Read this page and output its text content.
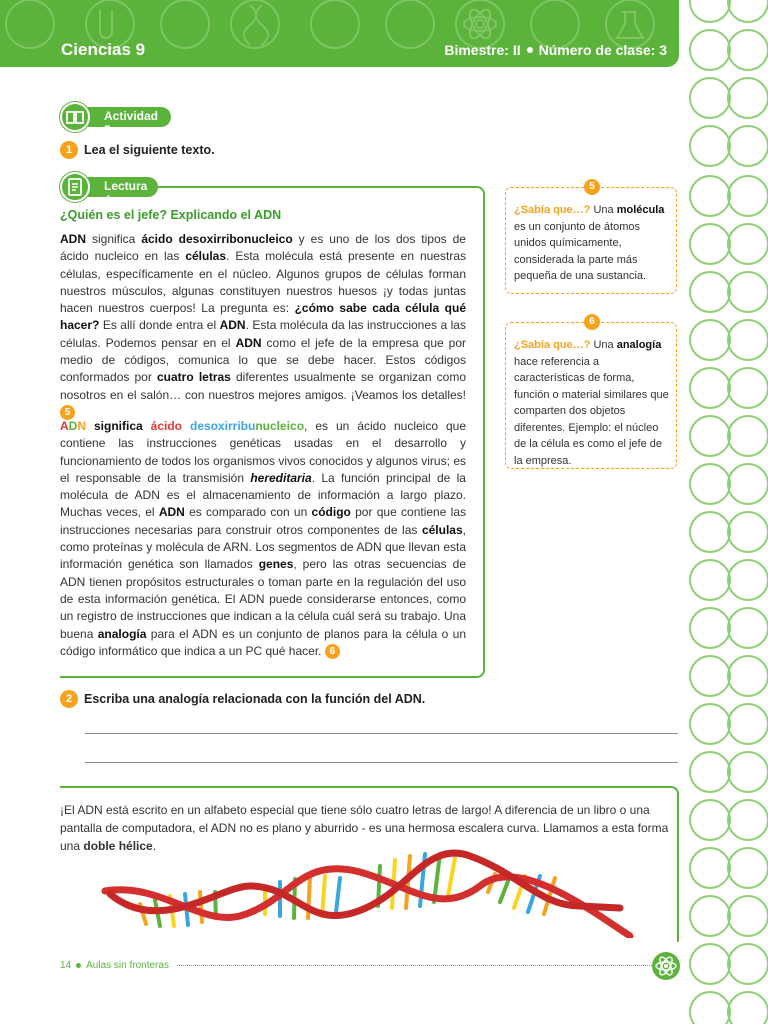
Ciencias 9	Bimestre: II Número de clase: 3
Actividad 5
1 Lea el siguiente texto.
Lectura 4
¿Quién es el jefe? Explicando el ADN
ADN significa ácido desoxirribonucleico y es uno de los dos tipos de ácido nucleico en las células. Esta molécula está presente en nuestras células, específicamente en el núcleo. Algunos grupos de células forman nuestros músculos, algunas constituyen nuestros huesos ¡y todas juntas hacen nuestros cuerpos! La pregunta es: ¿cómo sabe cada célula qué hacer? Es allí donde entra el ADN. Esta molécula da las instrucciones a las células. Podemos pensar en el ADN como el jefe de la empresa que por medio de códigos, comunica lo que se debe hacer. Estos códigos conformados por cuatro letras diferentes usualmente se organizan como nosotros en el salón… con nuestros mejores amigos. ¡Veamos los detalles! 5
ADN significa ácido desoxirribunucleico, es un ácido nucleico que contiene las instrucciones genéticas usadas en el desarrollo y funcionamiento de todos los organismos vivos conocidos y algunos virus; es el responsable de la transmisión hereditaria. La función principal de la molécula de ADN es el almacenamiento de información a largo plazo. Muchas veces, el ADN es comparado con un código por que contiene las instrucciones necesarias para construir otros componentes de las células, como proteínas y molécula de ARN. Los segmentos de ADN que llevan esta información genética son llamados genes, pero las otras secuencias de ADN tienen propósitos estructurales o toman parte en la regulación del uso de esta información genética. El ADN puede considerarse entonces, como un registro de instrucciones que indican a la célula cuál será su trabajo. Una buena analogía para el ADN es un conjunto de planos para la célula o un código informático que indica a un PC qué hacer. 6
5
¿Sabía que…? Una molécula es un conjunto de átomos unidos químicamente, considerada la parte más pequeña de una sustancia.
6
¿Sabía que…? Una analogía hace referencia a características de forma, función o material similares que comparten dos objetos diferentes. Ejemplo: el núcleo de la célula es como el jefe de la empresa.
2 Escriba una analogía relacionada con la función del ADN.
¡El ADN está escrito en un alfabeto especial que tiene sólo cuatro letras de largo! A diferencia de un libro o una pantalla de computadora, el ADN no es plano y aburrido - es una hermosa escalera curva. Llamamos a esta forma una doble hélice.
14 Aulas sin fronteras
